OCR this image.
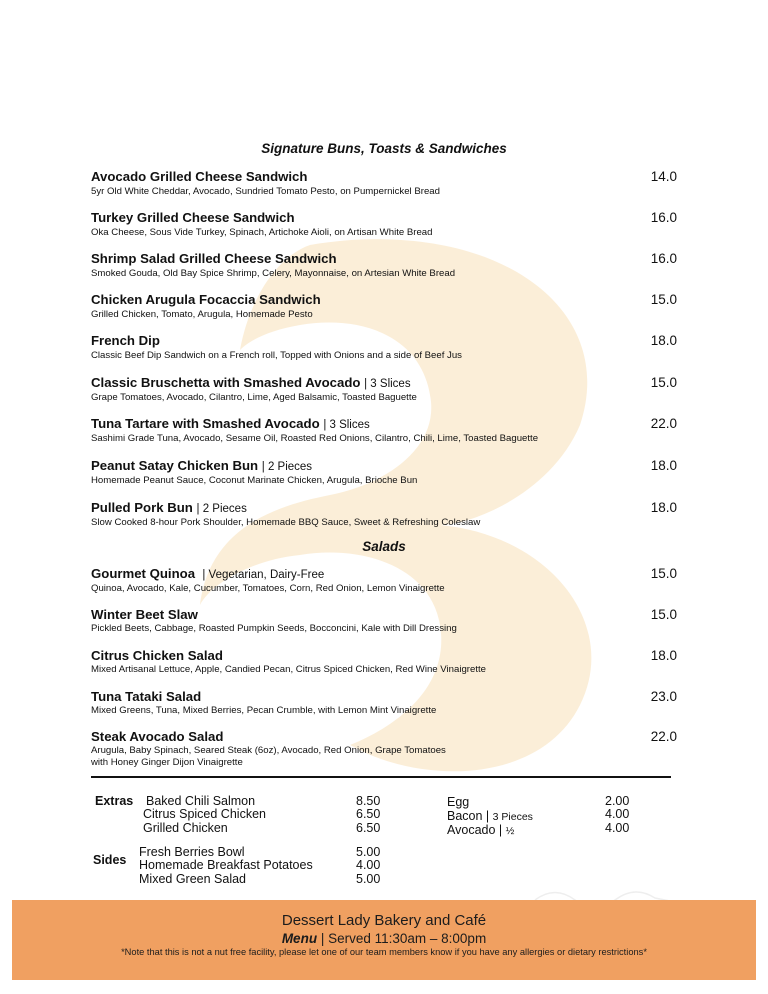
Signature Buns, Toasts & Sandwiches
Avocado Grilled Cheese Sandwich
5yr Old White Cheddar, Avocado, Sundried Tomato Pesto, on Pumpernickel Bread
14.0
Turkey Grilled Cheese Sandwich
Oka Cheese, Sous Vide Turkey, Spinach, Artichoke Aioli, on Artisan White Bread
16.0
Shrimp Salad Grilled Cheese Sandwich
Smoked Gouda, Old Bay Spice Shrimp, Celery, Mayonnaise, on Artesian White Bread
16.0
Chicken Arugula Focaccia Sandwich
Grilled Chicken, Tomato, Arugula, Homemade Pesto
15.0
French Dip
Classic Beef Dip Sandwich on a French roll, Topped with Onions and a side of Beef Jus
18.0
Classic Bruschetta with Smashed Avocado | 3 Slices
Grape Tomatoes, Avocado, Cilantro, Lime, Aged Balsamic, Toasted Baguette
15.0
Tuna Tartare with Smashed Avocado | 3 Slices
Sashimi Grade Tuna, Avocado, Sesame Oil, Roasted Red Onions, Cilantro, Chili, Lime, Toasted Baguette
22.0
Peanut Satay Chicken Bun | 2 Pieces
Homemade Peanut Sauce, Coconut Marinate Chicken, Arugula, Brioche Bun
18.0
Pulled Pork Bun | 2 Pieces
Slow Cooked 8-hour Pork Shoulder, Homemade BBQ Sauce, Sweet & Refreshing Coleslaw
18.0
Salads
Gourmet Quinoa | Vegetarian, Dairy-Free
Quinoa, Avocado, Kale, Cucumber, Tomatoes, Corn, Red Onion, Lemon Vinaigrette
15.0
Winter Beet Slaw
Pickled Beets, Cabbage, Roasted Pumpkin Seeds, Bocconcini, Kale with Dill Dressing
15.0
Citrus Chicken Salad
Mixed Artisanal Lettuce, Apple, Candied Pecan, Citrus Spiced Chicken, Red Wine Vinaigrette
18.0
Tuna Tataki Salad
Mixed Greens, Tuna, Mixed Berries, Pecan Crumble, with Lemon Mint Vinaigrette
23.0
Steak Avocado Salad
Arugula, Baby Spinach, Seared Steak (6oz), Avocado, Red Onion, Grape Tomatoes
with Honey Ginger Dijon Vinaigrette
22.0
Extras Baked Chili Salmon
Citrus Spiced Chicken
Grilled Chicken
8.50
6.50
6.50
Egg
Bacon | 3 Pieces
Avocado | ½
2.00
4.00
4.00
Sides
Fresh Berries Bowl
Homemade Breakfast Potatoes
Mixed Green Salad
5.00
4.00
5.00
Dessert Lady Bakery and Café
Menu | Served 11:30am – 8:00pm
*Note that this is not a nut free facility, please let one of our team members know if you have any allergies or dietary restrictions*
